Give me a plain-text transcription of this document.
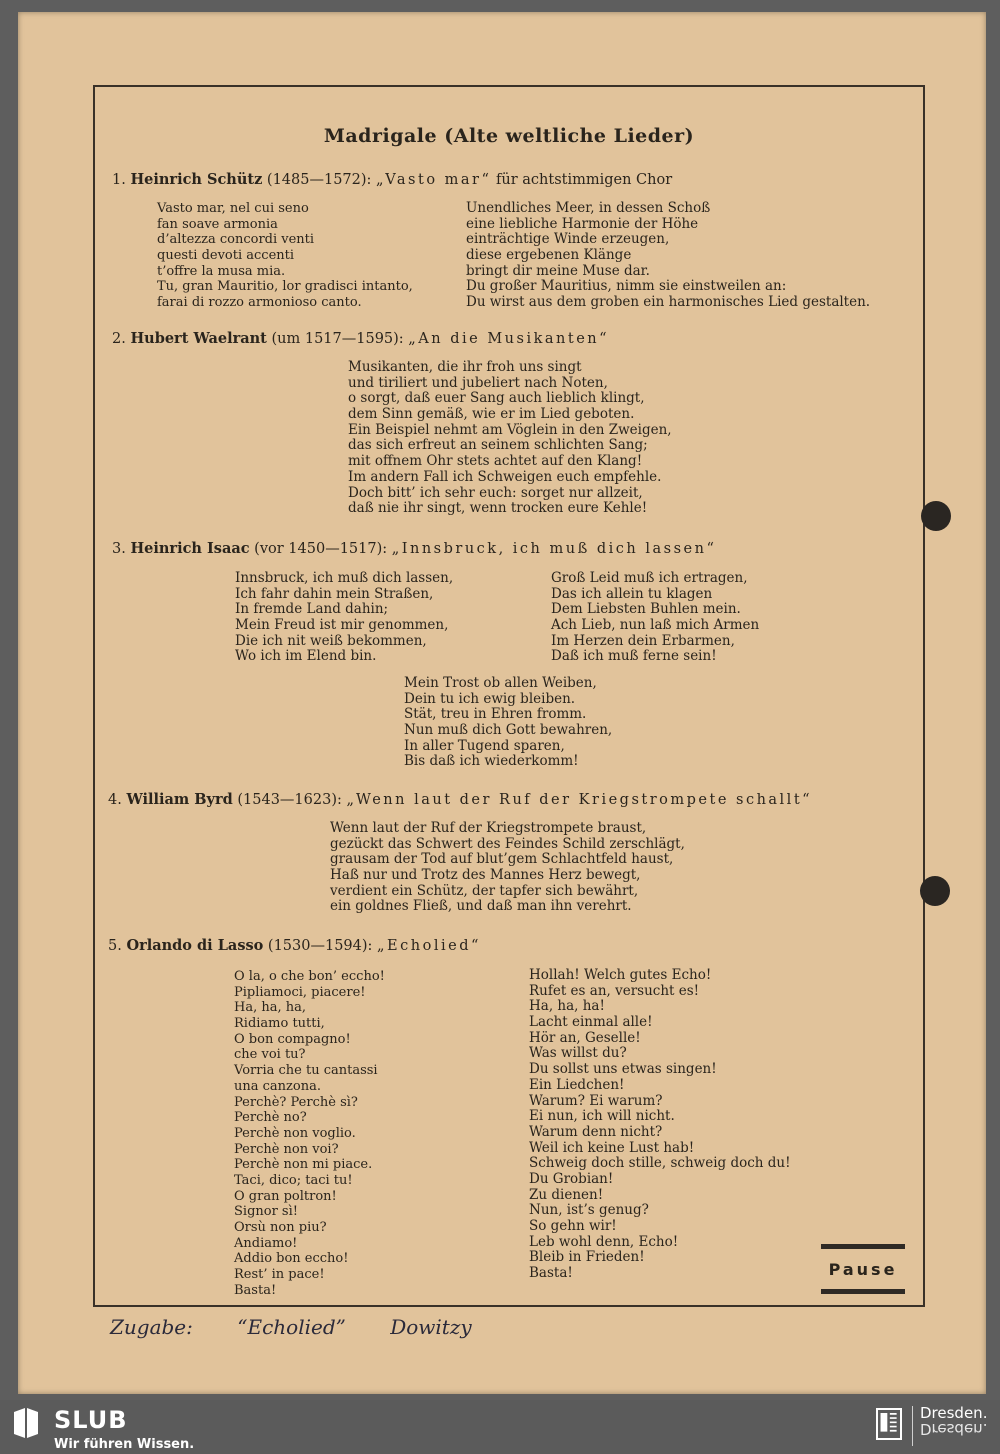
Madrigale (Alte weltliche Lieder)
1. Heinrich Schütz (1485—1572): „Vasto mar“ für achtstimmigen Chor
Vasto mar, nel cui seno
fan soave armonia
d’altezza concordi venti
questi devoti accenti
t’offre la musa mia.
Tu, gran Mauritio, lor gradisci intanto,
farai di rozzo armonioso canto.
Unendliches Meer, in dessen Schoß
eine liebliche Harmonie der Höhe
einträchtige Winde erzeugen,
diese ergebenen Klänge
bringt dir meine Muse dar.
Du großer Mauritius, nimm sie einstweilen an:
Du wirst aus dem groben ein harmonisches Lied gestalten.
2. Hubert Waelrant (um 1517—1595): „An die Musikanten“
Musikanten, die ihr froh uns singt
und tiriliert und jubeliert nach Noten,
o sorgt, daß euer Sang auch lieblich klingt,
dem Sinn gemäß, wie er im Lied geboten.
Ein Beispiel nehmt am Vöglein in den Zweigen,
das sich erfreut an seinem schlichten Sang;
mit offnem Ohr stets achtet auf den Klang!
Im andern Fall ich Schweigen euch empfehle.
Doch bitt’ ich sehr euch: sorget nur allzeit,
daß nie ihr singt, wenn trocken eure Kehle!
3. Heinrich Isaac (vor 1450—1517): „Innsbruck, ich muß dich lassen“
Innsbruck, ich muß dich lassen,
Ich fahr dahin mein Straßen,
In fremde Land dahin;
Mein Freud ist mir genommen,
Die ich nit weiß bekommen,
Wo ich im Elend bin.
Groß Leid muß ich ertragen,
Das ich allein tu klagen
Dem Liebsten Buhlen mein.
Ach Lieb, nun laß mich Armen
Im Herzen dein Erbarmen,
Daß ich muß ferne sein!
Mein Trost ob allen Weiben,
Dein tu ich ewig bleiben.
Stät, treu in Ehren fromm.
Nun muß dich Gott bewahren,
In aller Tugend sparen,
Bis daß ich wiederkomm!
4. William Byrd (1543—1623): „Wenn laut der Ruf der Kriegstrompete schallt“
Wenn laut der Ruf der Kriegstrompete braust,
gezückt das Schwert des Feindes Schild zerschlägt,
grausam der Tod auf blut’gem Schlachtfeld haust,
Haß nur und Trotz des Mannes Herz bewegt,
verdient ein Schütz, der tapfer sich bewährt,
ein goldnes Fließ, und daß man ihn verehrt.
5. Orlando di Lasso (1530—1594): „Echolied“
O la, o che bon’ eccho!
Pipliamoci, piacere!
Ha, ha, ha,
Ridiamo tutti,
O bon compagno!
che voi tu?
Vorria che tu cantassi
una canzona.
Perchè? Perchè sì?
Perchè no?
Perchè non voglio.
Perchè non voi?
Perchè non mi piace.
Taci, dico; taci tu!
O gran poltron!
Signor sì!
Orsù non piu?
Andiamo!
Addio bon eccho!
Rest’ in pace!
Basta!
Hollah! Welch gutes Echo!
Rufet es an, versucht es!
Ha, ha, ha!
Lacht einmal alle!
Hör an, Geselle!
Was willst du?
Du sollst uns etwas singen!
Ein Liedchen!
Warum? Ei warum?
Ei nun, ich will nicht.
Warum denn nicht?
Weil ich keine Lust hab!
Schweig doch stille, schweig doch du!
Du Grobian!
Zu dienen!
Nun, ist’s genug?
So gehn wir!
Leb wohl denn, Echo!
Bleib in Frieden!
Basta!	Pause
Zugabe: “Echolied” Dowitzy
SLUB
Wir führen Wissen.
Dresden.
Dresden.
